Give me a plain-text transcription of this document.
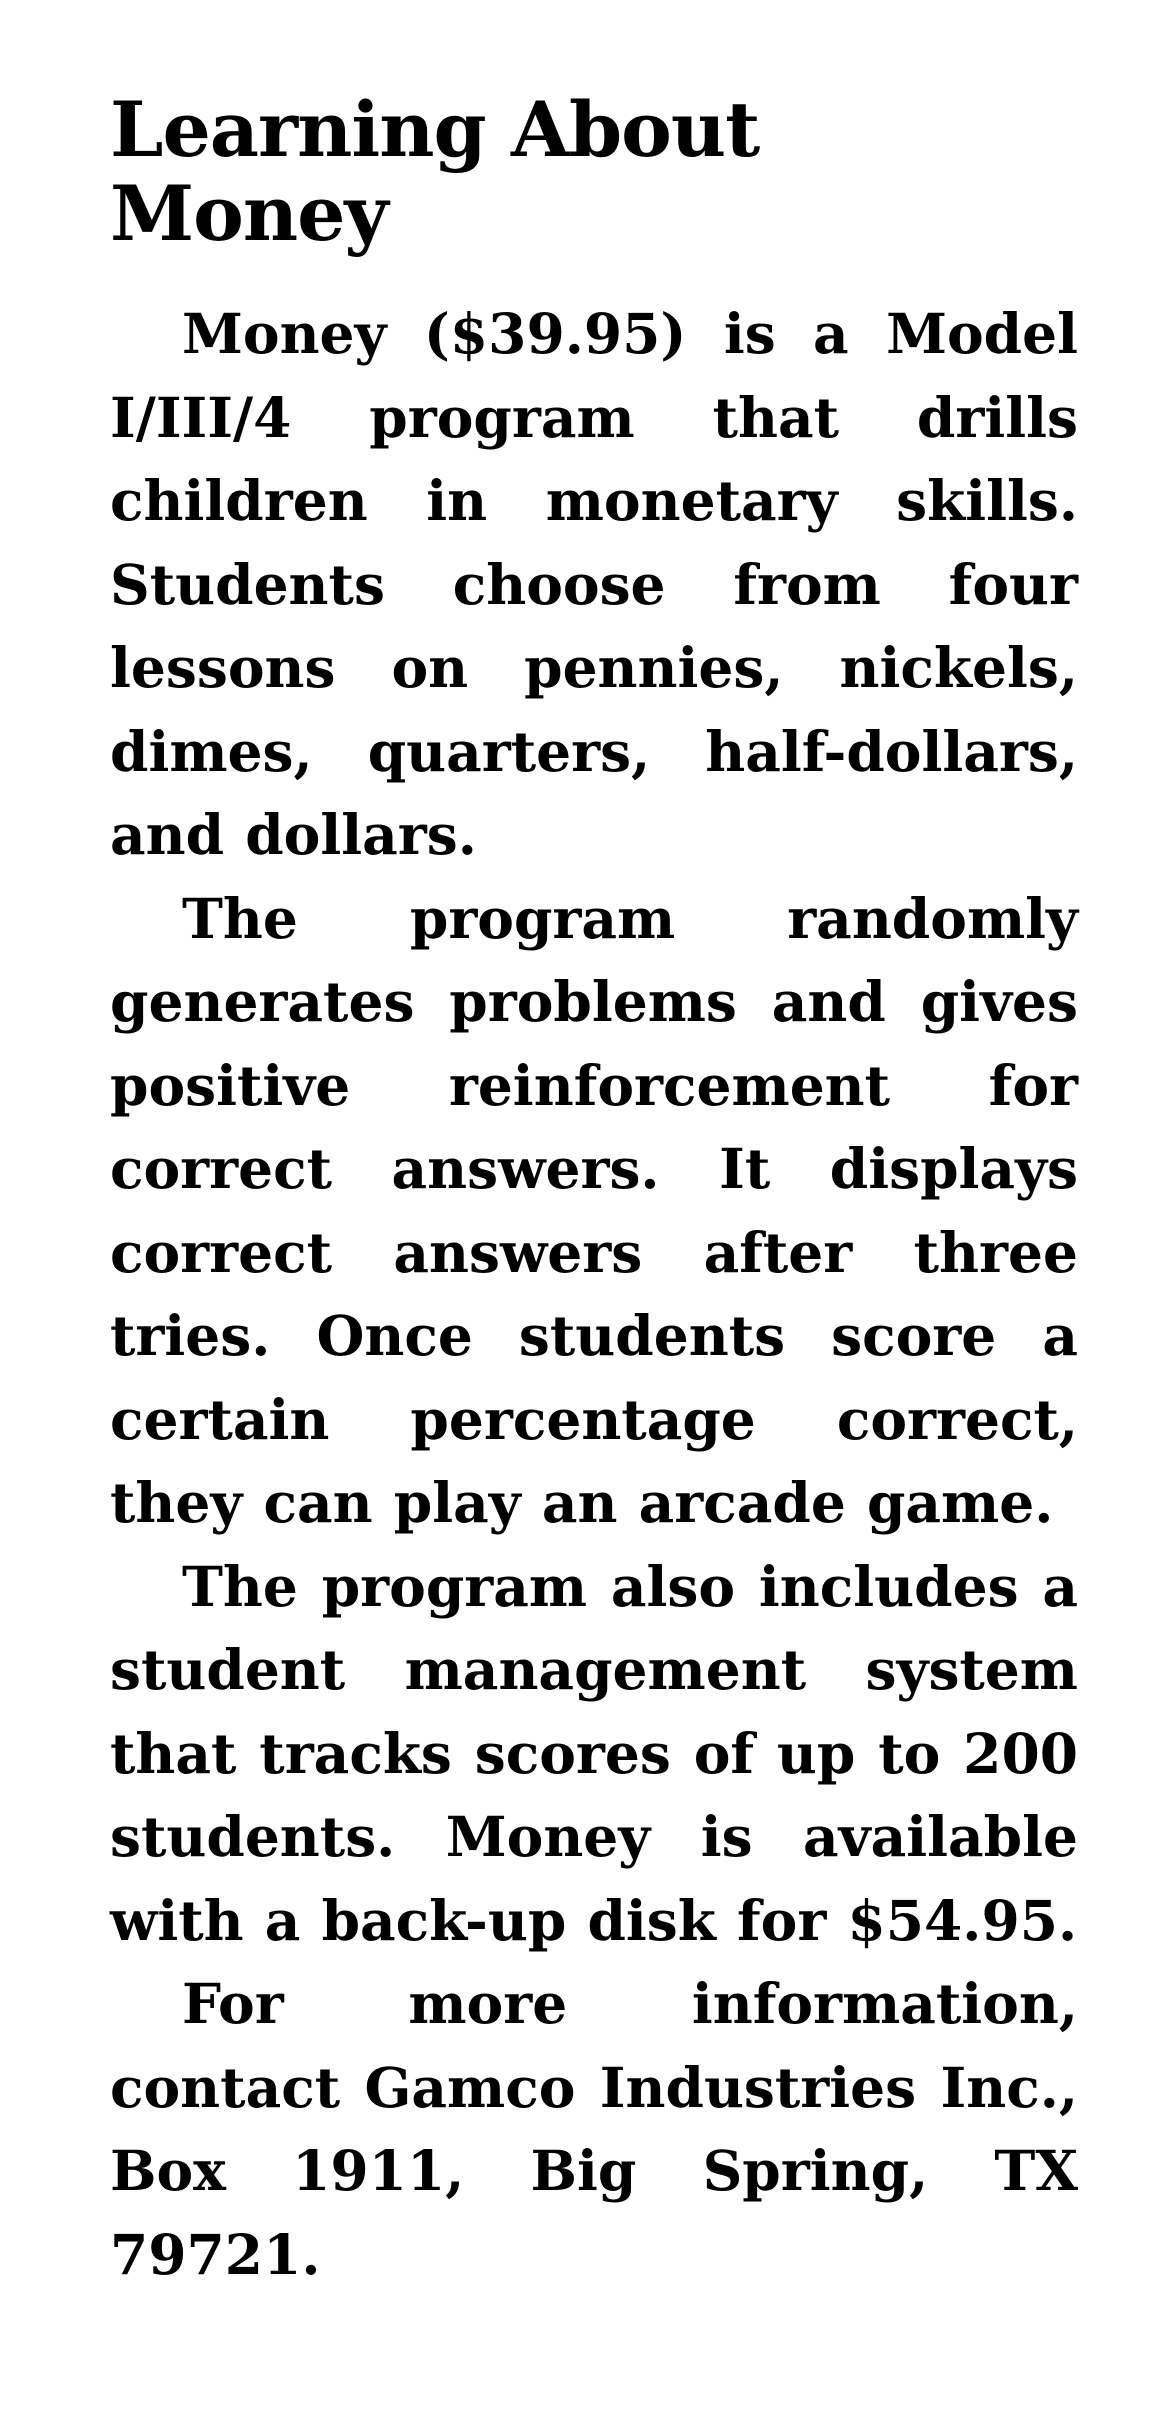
Learning About
Money

Money ($39.95) is a Model I/III/4 program that drills children in monetary skills. Students choose from four lessons on pennies, nickels, dimes, quarters, half-dollars, and dollars.

The program randomly generates problems and gives positive reinforcement for correct answers. It displays correct answers after three tries. Once students score a certain percentage correct, they can play an arcade game.

The program also includes a student management system that tracks scores of up to 200 students. Money is available with a back-up disk for $54.95.

For more information, contact Gamco Industries Inc., Box 1911, Big Spring, TX 79721.
